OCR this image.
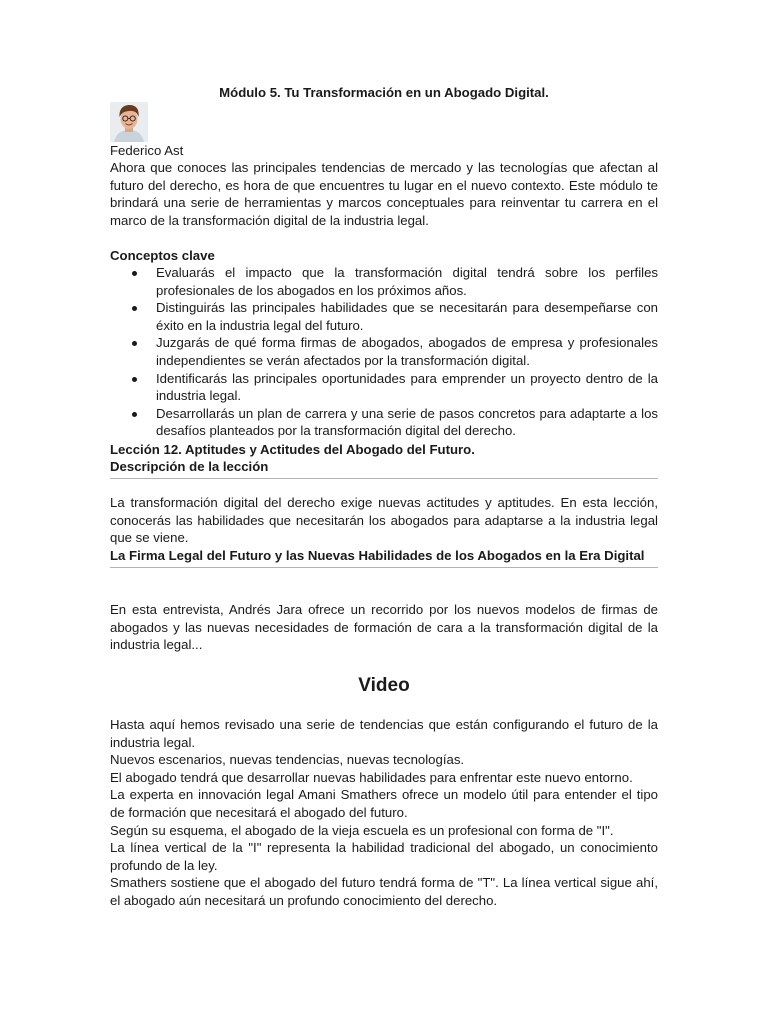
Módulo 5. Tu Transformación en un Abogado Digital.
Federico Ast

Ahora que conoces las principales tendencias de mercado y las tecnologías que afectan al futuro del derecho, es hora de que encuentres tu lugar en el nuevo contexto. Este módulo te brindará una serie de herramientas y marcos conceptuales para reinventar tu carrera en el marco de la transformación digital de la industria legal.

Conceptos clave
Evaluarás el impacto que la transformación digital tendrá sobre los perfiles profesionales de los abogados en los próximos años.
Distinguirás las principales habilidades que se necesitarán para desempeñarse con éxito en la industria legal del futuro.
Juzgarás de qué forma firmas de abogados, abogados de empresa y profesionales independientes se verán afectados por la transformación digital.
Identificarás las principales oportunidades para emprender un proyecto dentro de la industria legal.
Desarrollarás un plan de carrera y una serie de pasos concretos para adaptarte a los desafíos planteados por la transformación digital del derecho.
Lección 12. Aptitudes y Actitudes del Abogado del Futuro.
Descripción de la lección

La transformación digital del derecho exige nuevas actitudes y aptitudes. En esta lección, conocerás las habilidades que necesitarán los abogados para adaptarse a la industria legal que se viene.

La Firma Legal del Futuro y las Nuevas Habilidades de los Abogados en la Era Digital

En esta entrevista, Andrés Jara ofrece un recorrido por los nuevos modelos de firmas de abogados y las nuevas necesidades de formación de cara a la transformación digital de la industria legal...

Video
Hasta aquí hemos revisado una serie de tendencias que están configurando el futuro de la industria legal.
Nuevos escenarios, nuevas tendencias, nuevas tecnologías.
El abogado tendrá que desarrollar nuevas habilidades para enfrentar este nuevo entorno.
La experta en innovación legal Amani Smathers ofrece un modelo útil para entender el tipo de formación que necesitará el abogado del futuro.
Según su esquema, el abogado de la vieja escuela es un profesional con forma de "I".
La línea vertical de la "I" representa la habilidad tradicional del abogado, un conocimiento profundo de la ley.
Smathers sostiene que el abogado del futuro tendrá forma de "T". La línea vertical sigue ahí, el abogado aún necesitará un profundo conocimiento del derecho.
